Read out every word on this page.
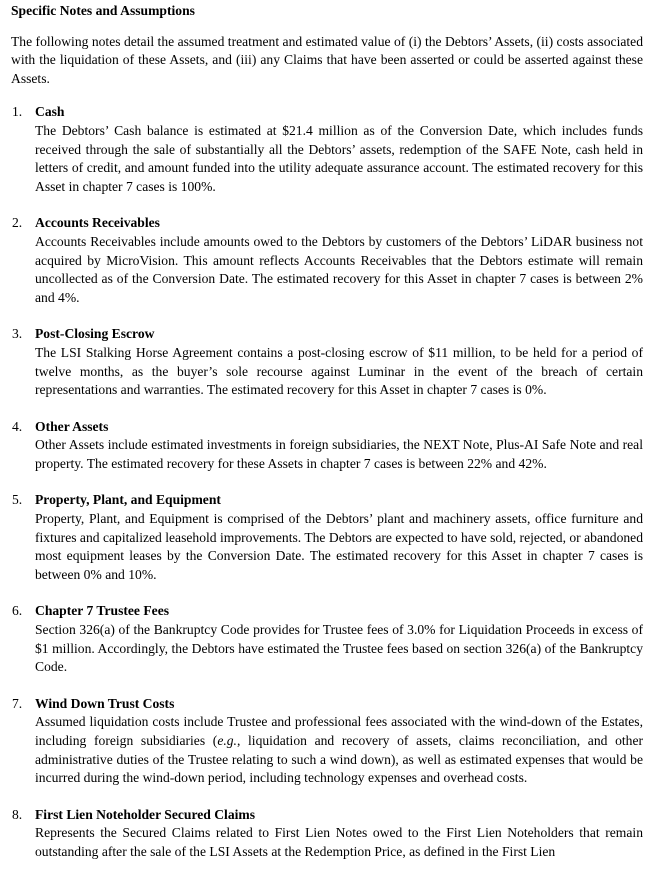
Specific Notes and Assumptions

The following notes detail the assumed treatment and estimated value of (i) the Debtors’ Assets, (ii) costs associated with the liquidation of these Assets, and (iii) any Claims that have been asserted or could be asserted against these Assets.

1. Cash

The Debtors’ Cash balance is estimated at $21.4 million as of the Conversion Date, which includes funds received through the sale of substantially all the Debtors’ assets, redemption of the SAFE Note, cash held in letters of credit, and amount funded into the utility adequate assurance account. The estimated recovery for this Asset in chapter 7 cases is 100%.

2. Accounts Receivables

Accounts Receivables include amounts owed to the Debtors by customers of the Debtors’ LiDAR business not acquired by MicroVision. This amount reflects Accounts Receivables that the Debtors estimate will remain uncollected as of the Conversion Date. The estimated recovery for this Asset in chapter 7 cases is between 2% and 4%.

3. Post-Closing Escrow

The LSI Stalking Horse Agreement contains a post-closing escrow of $11 million, to be held for a period of twelve months, as the buyer’s sole recourse against Luminar in the event of the breach of certain representations and warranties. The estimated recovery for this Asset in chapter 7 cases is 0%.

4. Other Assets

Other Assets include estimated investments in foreign subsidiaries, the NEXT Note, Plus-AI Safe Note and real property. The estimated recovery for these Assets in chapter 7 cases is between 22% and 42%.

5. Property, Plant, and Equipment

Property, Plant, and Equipment is comprised of the Debtors’ plant and machinery assets, office furniture and fixtures and capitalized leasehold improvements. The Debtors are expected to have sold, rejected, or abandoned most equipment leases by the Conversion Date. The estimated recovery for this Asset in chapter 7 cases is between 0% and 10%.

6. Chapter 7 Trustee Fees

Section 326(a) of the Bankruptcy Code provides for Trustee fees of 3.0% for Liquidation Proceeds in excess of $1 million. Accordingly, the Debtors have estimated the Trustee fees based on section 326(a) of the Bankruptcy Code.

7. Wind Down Trust Costs

Assumed liquidation costs include Trustee and professional fees associated with the wind-down of the Estates, including foreign subsidiaries (e.g., liquidation and recovery of assets, claims reconciliation, and other administrative duties of the Trustee relating to such a wind down), as well as estimated expenses that would be incurred during the wind-down period, including technology expenses and overhead costs.

8. First Lien Noteholder Secured Claims

Represents the Secured Claims related to First Lien Notes owed to the First Lien Noteholders that remain outstanding after the sale of the LSI Assets at the Redemption Price, as defined in the First Lien
